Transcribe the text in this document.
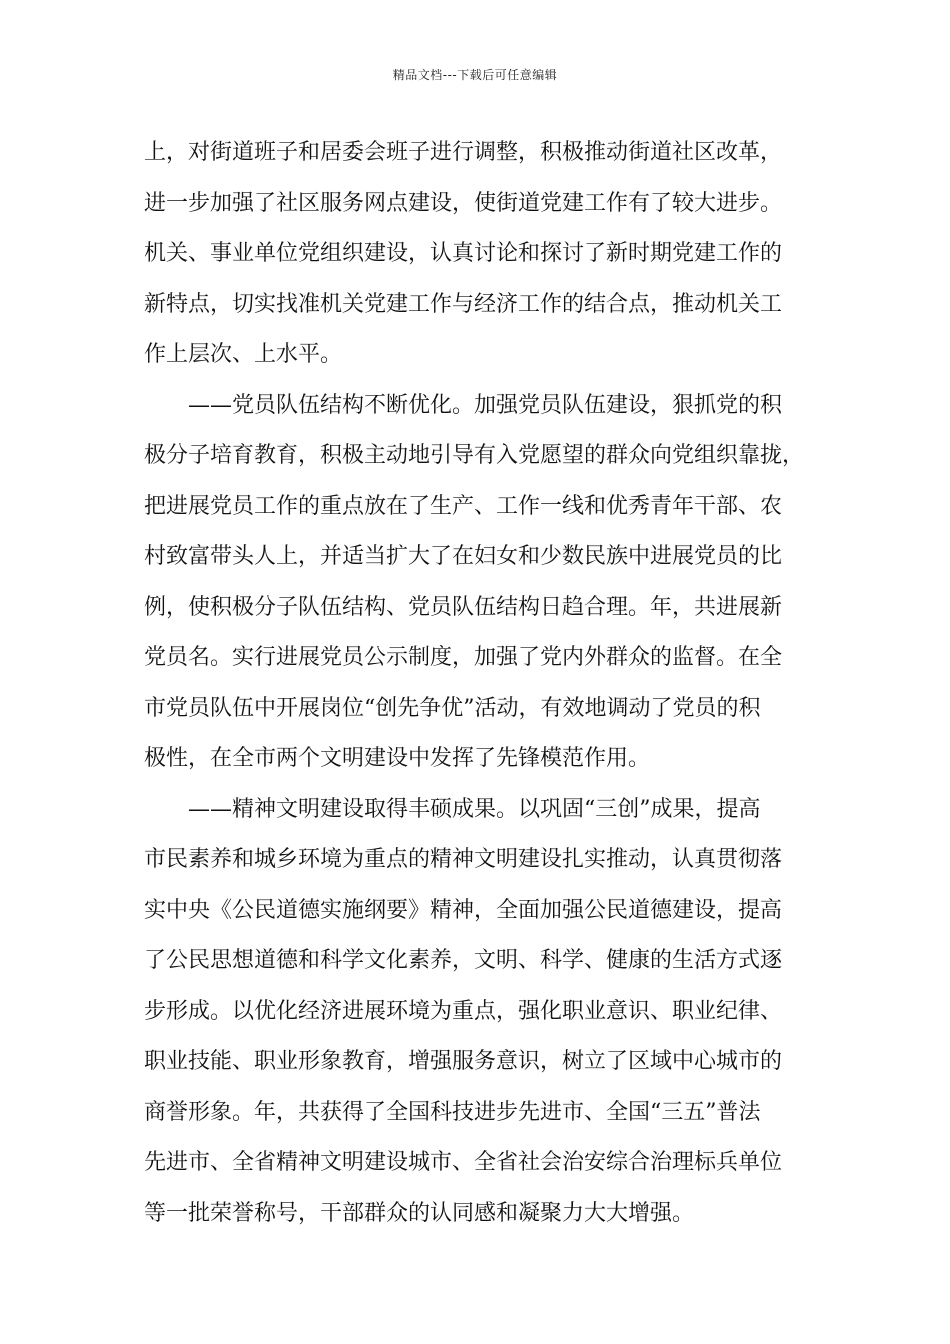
精品文档---下载后可任意编辑
上，对街道班子和居委会班子进行调整，积极推动街道社区改革，
进一步加强了社区服务网点建设，使街道党建工作有了较大进步。
机关、事业单位党组织建设，认真讨论和探讨了新时期党建工作的
新特点，切实找准机关党建工作与经济工作的结合点，推动机关工
作上层次、上水平。
——党员队伍结构不断优化。加强党员队伍建设，狠抓党的积
极分子培育教育，积极主动地引导有入党愿望的群众向党组织靠拢，
把进展党员工作的重点放在了生产、工作一线和优秀青年干部、农
村致富带头人上，并适当扩大了在妇女和少数民族中进展党员的比
例，使积极分子队伍结构、党员队伍结构日趋合理。年，共进展新
党员名。实行进展党员公示制度，加强了党内外群众的监督。在全
市党员队伍中开展岗位“创先争优”活动，有效地调动了党员的积
极性，在全市两个文明建设中发挥了先锋模范作用。
——精神文明建设取得丰硕成果。以巩固“三创”成果，提高
市民素养和城乡环境为重点的精神文明建设扎实推动，认真贯彻落
实中央《公民道德实施纲要》精神，全面加强公民道德建设，提高
了公民思想道德和科学文化素养，文明、科学、健康的生活方式逐
步形成。以优化经济进展环境为重点，强化职业意识、职业纪律、
职业技能、职业形象教育，增强服务意识，树立了区域中心城市的
商誉形象。年，共获得了全国科技进步先进市、全国“三五”普法
先进市、全省精神文明建设城市、全省社会治安综合治理标兵单位
等一批荣誉称号，干部群众的认同感和凝聚力大大增强。
